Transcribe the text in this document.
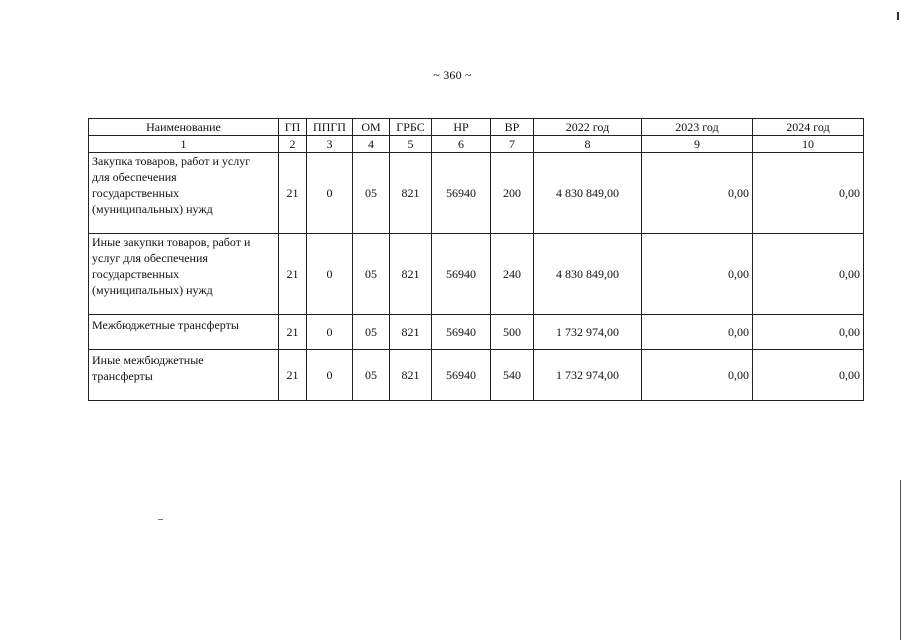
~ 360 ~
Наименование	ГП	ППГП	ОМ	ГРБС	НР	ВР	2022 год	2023 год	2024 год
1	2	3	4	5	6	7	8	9	10

Закупка товаров, работ и услуг
для обеспечения
государственных
(муниципальных) нужд	21	0	05	821	56940	200	4 830 849,00	0,00	0,00

Иные закупки товаров, работ и
услуг для обеспечения
государственных
(муниципальных) нужд	21	0	05	821	56940	240	4 830 849,00	0,00	0,00

Межбюджетные трансферты	21	0	05	821	56940	500	1 732 974,00	0,00	0,00

Иные межбюджетные
трансферты	21	0	05	821	56940	540	1 732 974,00	0,00	0,00
